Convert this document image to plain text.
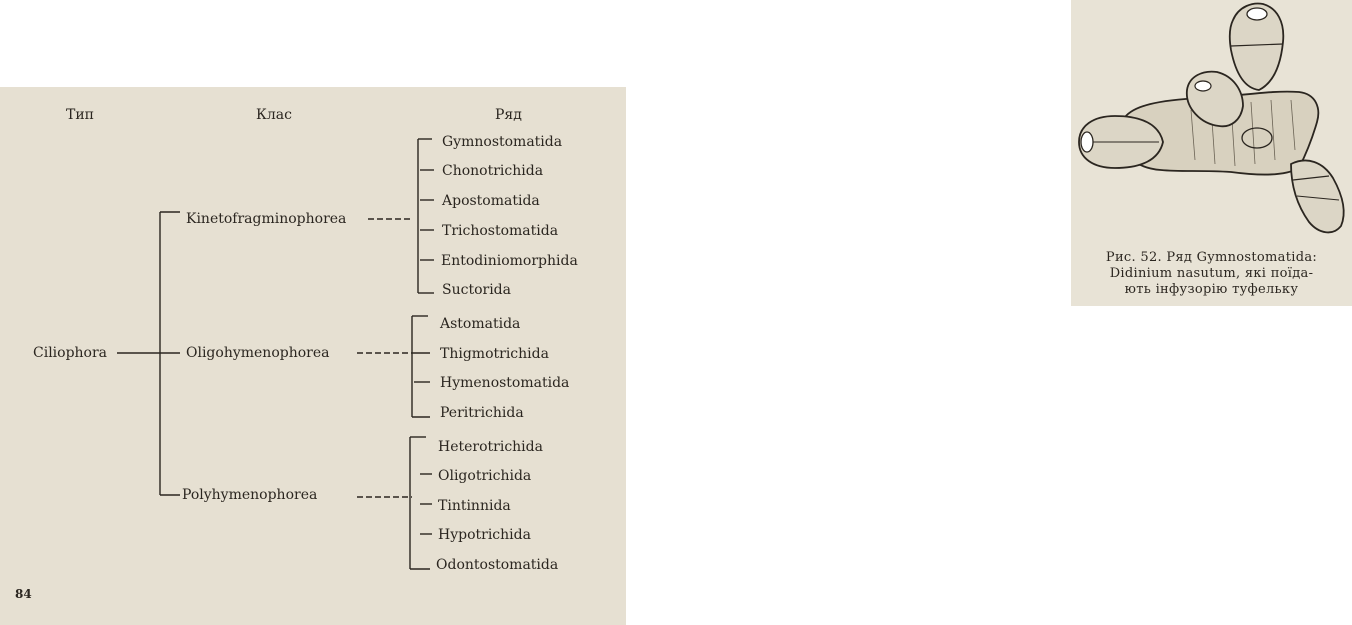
Тип	Клас	Ряд
Ciliophora
Kinetofragminophorea
Oligohymenophorea
Polyhymenophorea
Gymnostomatida
Chonotrichida
Apostomatida
Trichostomatida
Entodiniomorphida
Suctorida
Astomatida
Thigmotrichida
Hymenostomatida
Peritrichida
Heterotrichida
Oligotrichida
Tintinnida
Hypotrichida
Odontostomatida
84
Рис. 52. Ряд Gymnostomatida:
Didinium nasutum, які поїда-
ють інфузорію туфельку
